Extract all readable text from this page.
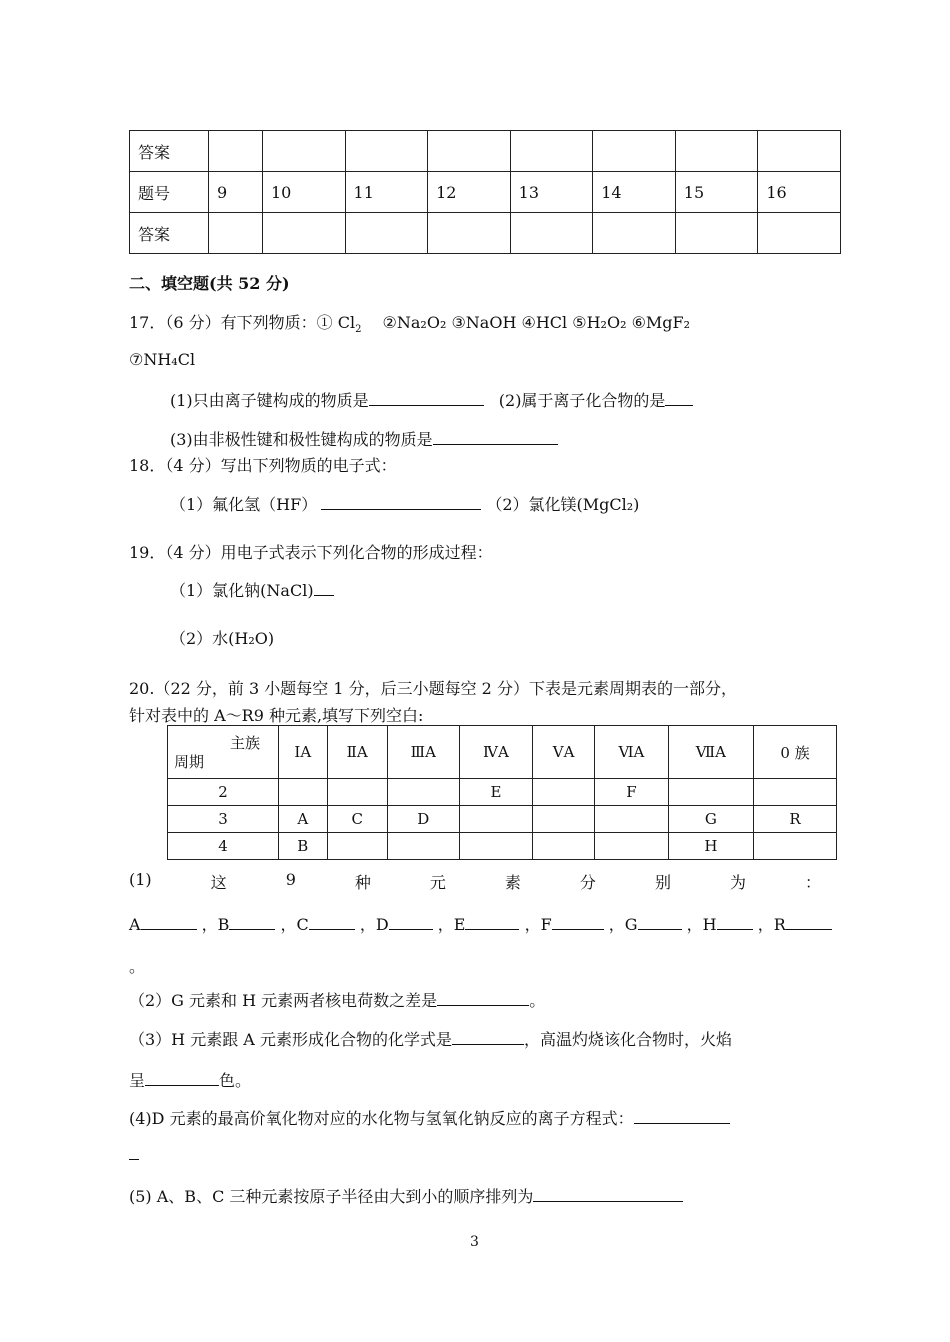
答案								
题号	9	10	11	12	13	14	15	16
答案								
二、填空题(共 52 分)
17．（6 分）有下列物质：① $Cl_2$ ②Na₂O₂ ③NaOH ④HCl ⑤H₂O₂ ⑥MgF₂
⑦NH₄Cl
(1)只由离子键构成的物质是	(2)属于离子化合物的是
(3)由非极性键和极性键构成的物质是
18．（4 分）写出下列物质的电子式：
（1）氟化氢（HF）	（2）氯化镁(MgCl₂)
19．（4 分）用电子式表示下列化合物的形成过程：
（1）氯化钠(NaCl)
（2）水(H₂O)
20.（22 分，前 3 小题每空 1 分，后三小题每空 2 分）下表是元素周期表的一部分，
针对表中的 A～R9 种元素,填写下列空白:
主族
周期	ⅠA	ⅡA	ⅢA	ⅣA	ⅤA	ⅥA	ⅦA	0 族
2				E		F		
3	A	C	D				G	R
4	B						H	
(1)	这	9	种	元	素	分	别	为	：
A	，B	，C	，D	，E	，F	，G	，H	，R
。
（2）G 元素和 H 元素两者核电荷数之差是	。
（3）H 元素跟 A 元素形成化合物的化学式是	，高温灼烧该化合物时，火焰
呈	色。
(4)D 元素的最高价氧化物对应的水化物与氢氧化钠反应的离子方程式：
(5) A、B、C 三种元素按原子半径由大到小的顺序排列为
3
